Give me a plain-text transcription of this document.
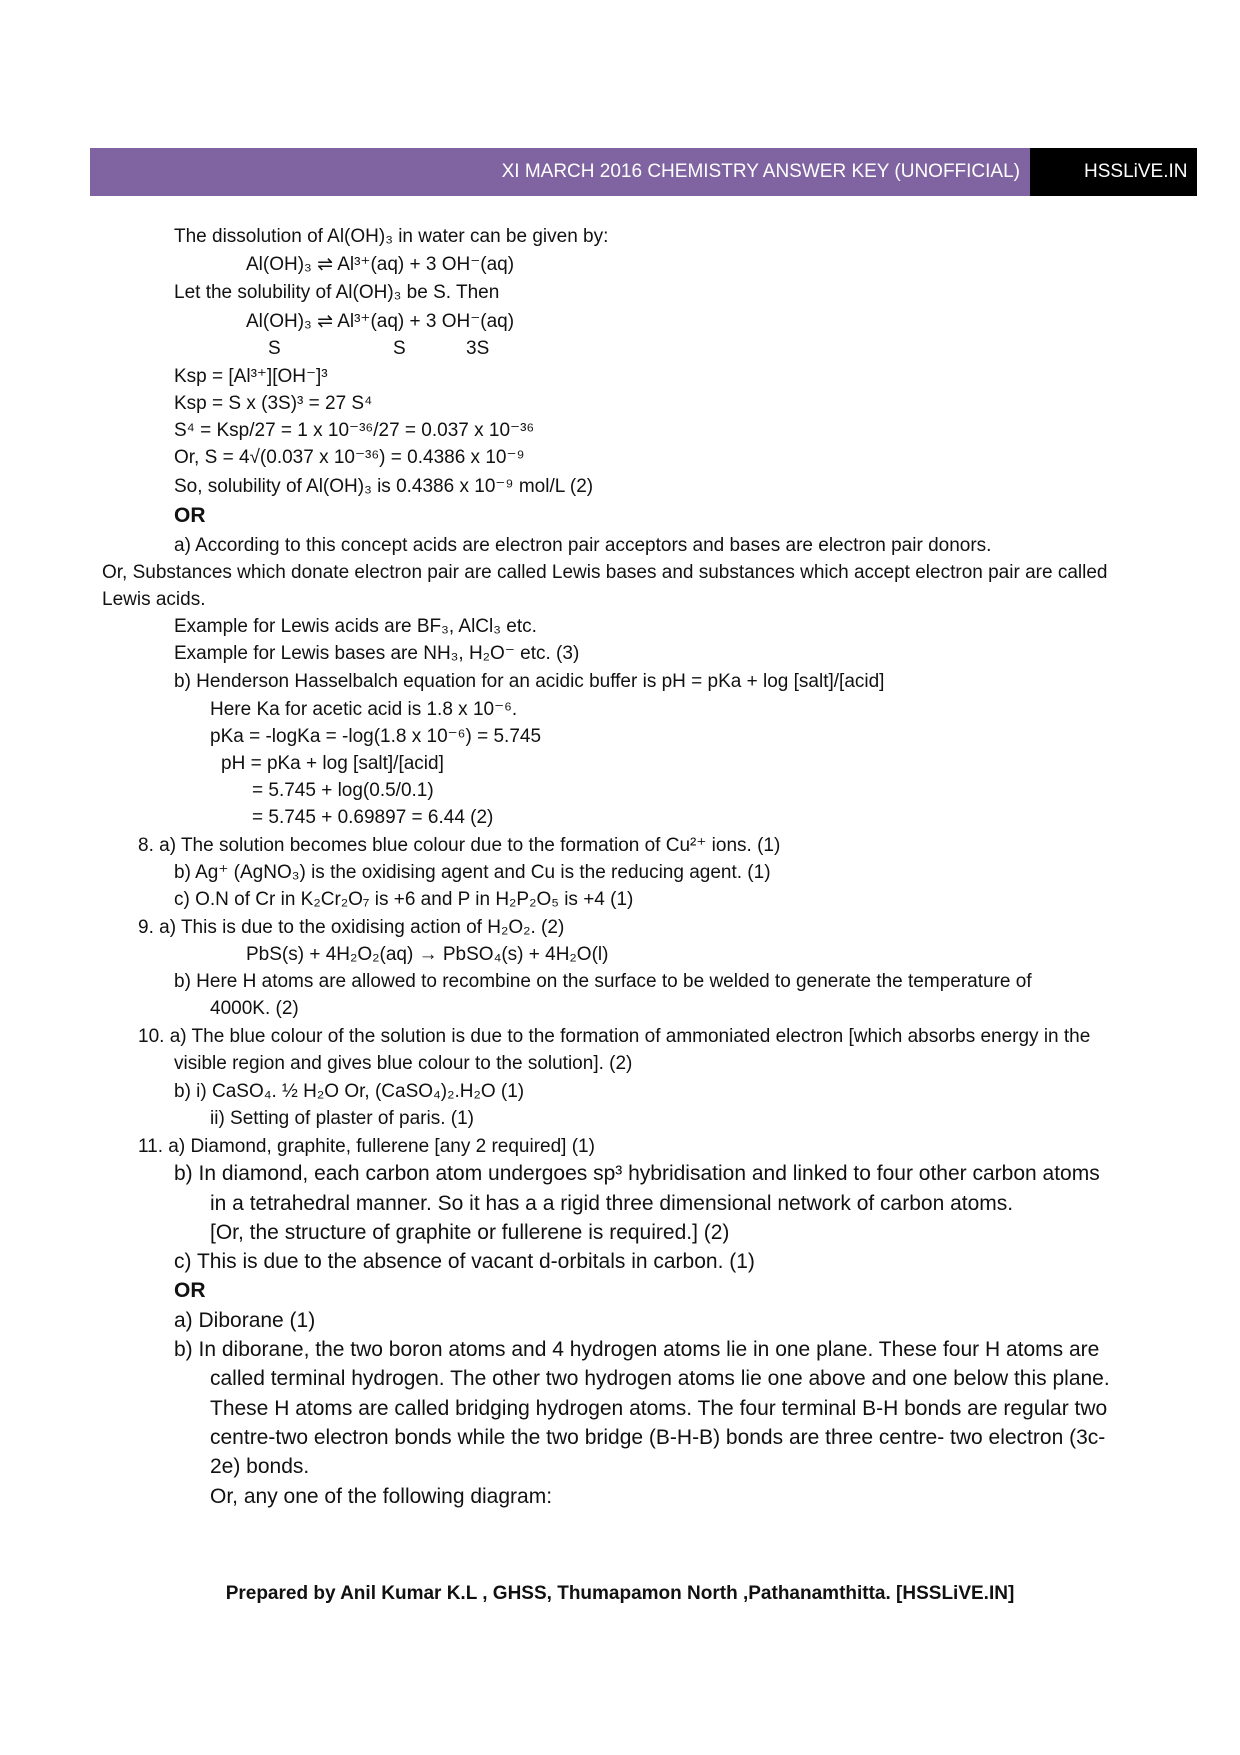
XI MARCH 2016 CHEMISTRY ANSWER KEY (UNOFFICIAL)	HSSLiVE.IN
The dissolution of Al(OH)₃ in water can be given by:
Al(OH)₃ ⇌ Al³⁺(aq) + 3 OH⁻(aq)
Let the solubility of Al(OH)₃ be S. Then
Al(OH)₃ ⇌ Al³⁺(aq) + 3 OH⁻(aq)
S	S	3S
Ksp = [Al³⁺][OH⁻]³
Ksp = S x (3S)³ = 27 S⁴
S⁴ = Ksp/27 = 1 x 10⁻³⁶/27 = 0.037 x 10⁻³⁶
Or, S = 4√(0.037 x 10⁻³⁶) = 0.4386 x 10⁻⁹
So, solubility of Al(OH)₃ is 0.4386 x 10⁻⁹ mol/L (2)
OR
a) According to this concept acids are electron pair acceptors and bases are electron pair donors.
Or, Substances which donate electron pair are called Lewis bases and substances which accept electron pair are called
Lewis acids.
Example for Lewis acids are BF₃, AlCl₃ etc.
Example for Lewis bases are NH₃, H₂O⁻ etc. (3)
b) Henderson Hasselbalch equation for an acidic buffer is pH = pKa + log [salt]/[acid]
Here Ka for acetic acid is 1.8 x 10⁻⁶.
pKa = -logKa = -log(1.8 x 10⁻⁶) = 5.745
pH = pKa + log [salt]/[acid]
= 5.745 + log(0.5/0.1)
= 5.745 + 0.69897 = 6.44 (2)
8. a) The solution becomes blue colour due to the formation of Cu²⁺ ions. (1)
b) Ag⁺ (AgNO₃) is the oxidising agent and Cu is the reducing agent. (1)
c) O.N of Cr in K₂Cr₂O₇ is +6 and P in H₂P₂O₅ is +4 (1)
9. a) This is due to the oxidising action of H₂O₂. (2)
PbS(s) + 4H₂O₂(aq) → PbSO₄(s) + 4H₂O(l)
b) Here H atoms are allowed to recombine on the surface to be welded to generate the temperature of
4000K. (2)
10. a) The blue colour of the solution is due to the formation of ammoniated electron [which absorbs energy in the
visible region and gives blue colour to the solution]. (2)
b) i) CaSO₄. ½ H₂O Or, (CaSO₄)₂.H₂O (1)
ii) Setting of plaster of paris. (1)
11. a) Diamond, graphite, fullerene [any 2 required] (1)
b) In diamond, each carbon atom undergoes sp³ hybridisation and linked to four other carbon atoms
in a tetrahedral manner. So it has a a rigid three dimensional network of carbon atoms.
[Or, the structure of graphite or fullerene is required.] (2)
c) This is due to the absence of vacant d-orbitals in carbon. (1)
OR
a) Diborane (1)
b) In diborane, the two boron atoms and 4 hydrogen atoms lie in one plane. These four H atoms are
called terminal hydrogen. The other two hydrogen atoms lie one above and one below this plane.
These H atoms are called bridging hydrogen atoms. The four terminal B-H bonds are regular two
centre-two electron bonds while the two bridge (B-H-B) bonds are three centre- two electron (3c-
2e) bonds.
Or, any one of the following diagram:
Prepared by Anil Kumar K.L , GHSS, Thumapamon North ,Pathanamthitta. [HSSLiVE.IN]
